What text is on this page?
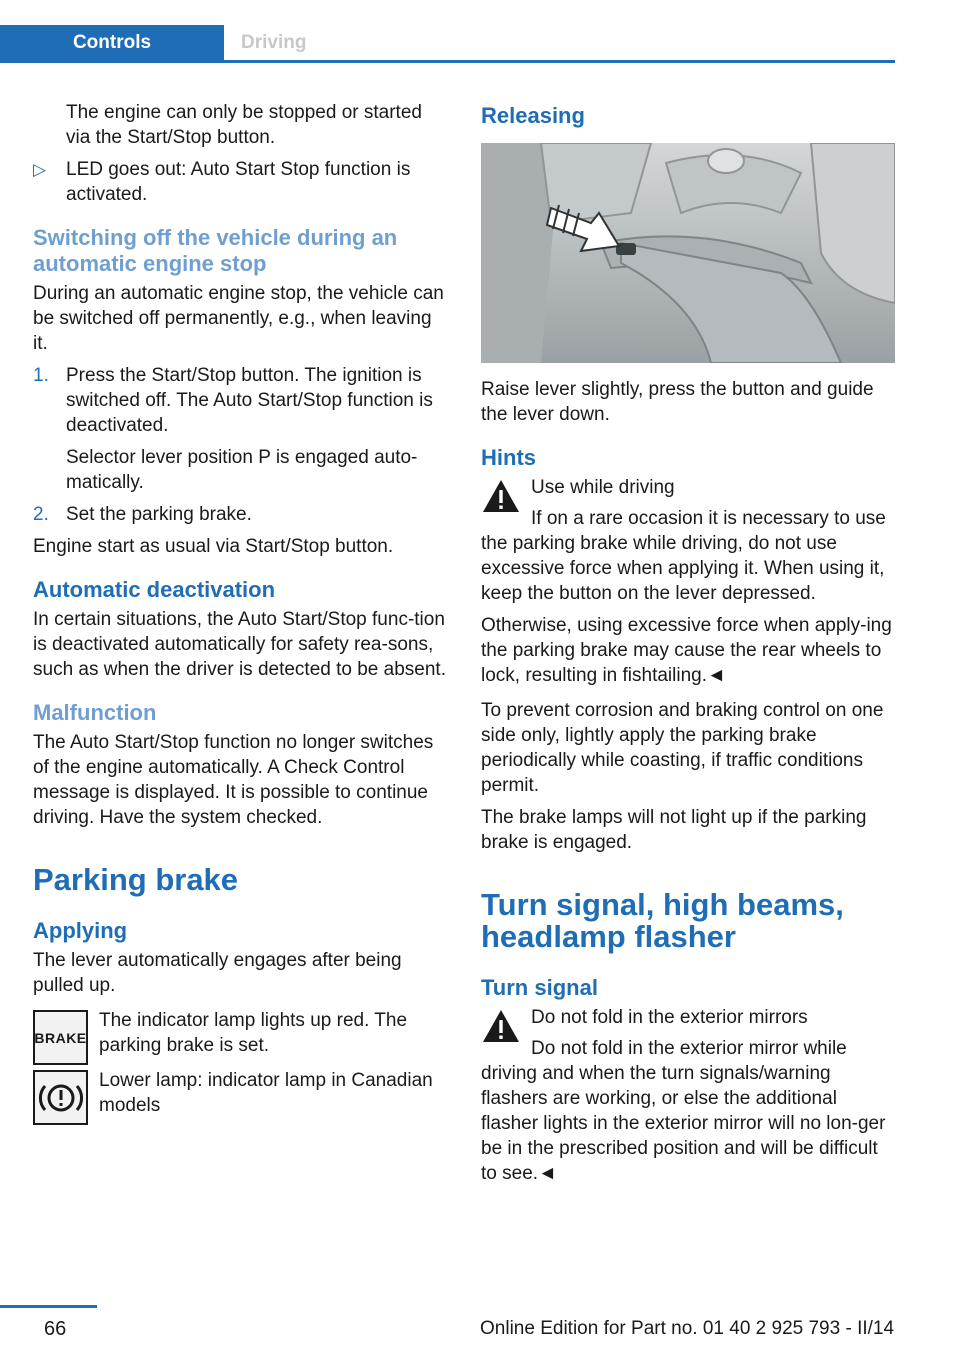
Controls	Driving

The engine can only be stopped or started via the Start/Stop button.

▷ LED goes out: Auto Start Stop function is activated.
Switching off the vehicle during an automatic engine stop

During an automatic engine stop, the vehicle can be switched off permanently, e.g., when leaving it.

1. Press the Start/Stop button. The ignition is switched off. The Auto Start/Stop function is deactivated.

Selector lever position P is engaged auto‐matically.

2. Set the parking brake.

Engine start as usual via Start/Stop button.

Automatic deactivation

In certain situations, the Auto Start/Stop func‐tion is deactivated automatically for safety rea‐sons, such as when the driver is detected to be absent.

Malfunction

The Auto Start/Stop function no longer switches of the engine automatically. A Check Control message is displayed. It is possible to continue driving. Have the system checked.

Parking brake
Applying

The lever automatically engages after being pulled up.

BRAKE

The indicator lamp lights up red. The parking brake is set.

Lower lamp: indicator lamp in Canadian models

Releasing

Raise lever slightly, press the button and guide the lever down.

Hints
Use while driving

If on a rare occasion it is necessary to use the parking brake while driving, do not use excessive force when applying it. When using it, keep the button on the lever depressed.

Otherwise, using excessive force when apply‐ing the parking brake may cause the rear wheels to lock, resulting in fishtailing.◄

To prevent corrosion and braking control on one side only, lightly apply the parking brake periodically while coasting, if traffic conditions permit.

The brake lamps will not light up if the parking brake is engaged.

Turn signal, high beams, headlamp flasher
Turn signal
Do not fold in the exterior mirrors

Do not fold in the exterior mirror while driving and when the turn signals/warning flashers are working, or else the additional flasher lights in the exterior mirror will no lon‐ger be in the prescribed position and will be difficult to see.◄

66	Online Edition for Part no. 01 40 2 925 793 - II/14
